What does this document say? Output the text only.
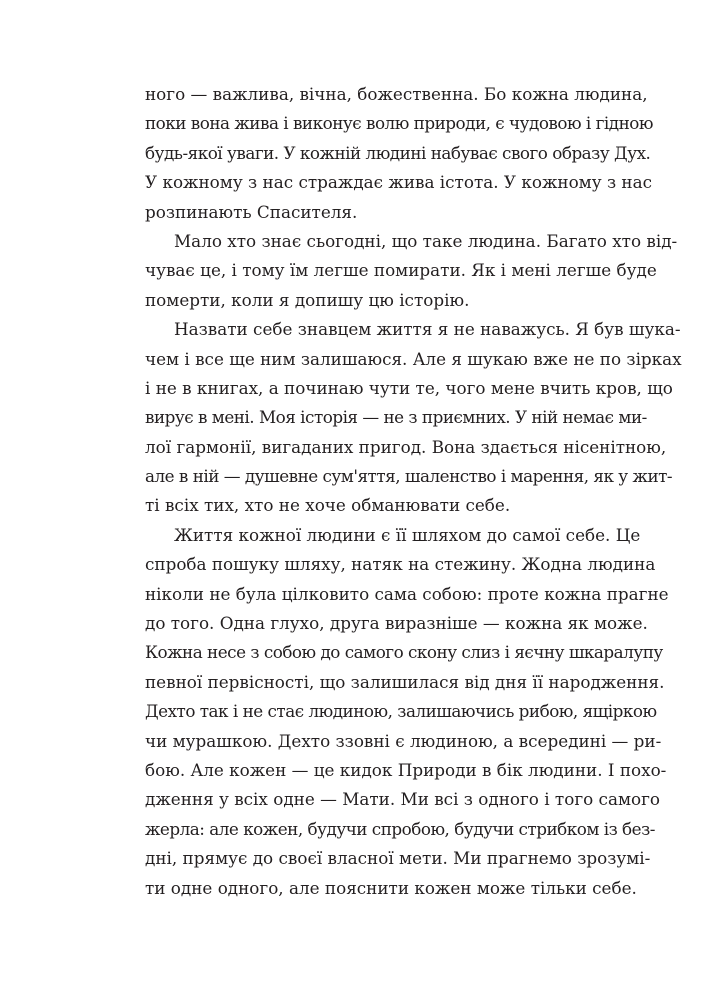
ного — важлива, вічна, божественна. Бо кожна людина,
поки вона жива і виконує волю природи, є чудовою і гідною
будь-якої уваги. У кожній людині набуває свого образу Дух.
У кожному з нас страждає жива істота. У кожному з нас
розпинають Спасителя.
Мало хто знає сьогодні, що таке людина. Багато хто від-
чуває це, і тому їм легше помирати. Як і мені легше буде
померти, коли я допишу цю історію.
Назвати себе знавцем життя я не наважусь. Я був шука-
чем і все ще ним залишаюся. Але я шукаю вже не по зірках
і не в книгах, а починаю чути те, чого мене вчить кров, що
вирує в мені. Моя історія — не з приємних. У ній немає ми-
лої гармонії, вигаданих пригод. Вона здається нісенітною,
але в ній — душевне сум'яття, шаленство і марення, як у жит-
ті всіх тих, хто не хоче обманювати себе.
Життя кожної людини є її шляхом до самої себе. Це
спроба пошуку шляху, натяк на стежину. Жодна людина
ніколи не була цілковито сама собою: проте кожна прагне
до того. Одна глухо, друга виразніше — кожна як може.
Кожна несе з собою до самого скону слиз і яєчну шкаралупу
певної первісності, що залишилася від дня її народження.
Дехто так і не стає людиною, залишаючись рибою, ящіркою
чи мурашкою. Дехто ззовні є людиною, а всередині — ри-
бою. Але кожен — це кидок Природи в бік людини. І похо-
дження у всіх одне — Мати. Ми всі з одного і того самого
жерла: але кожен, будучи спробою, будучи стрибком із без-
дні, прямує до своєї власної мети. Ми прагнемо зрозумі-
ти одне одного, але пояснити кожен може тільки себе.
